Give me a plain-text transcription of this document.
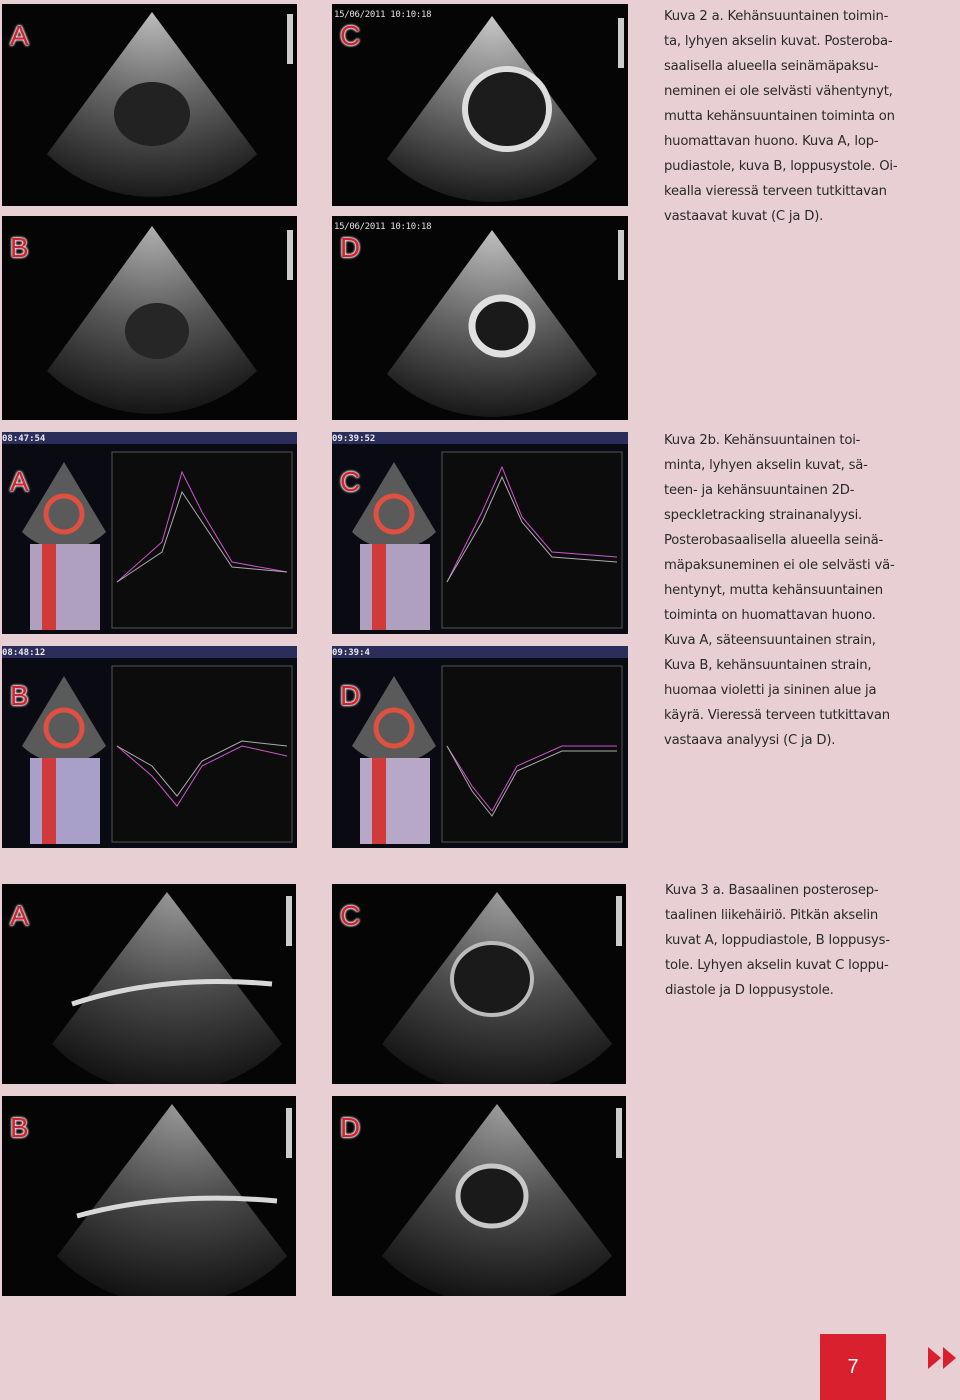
A
B
15/06/2011 10:10:18
C
15/06/2011 10:10:18
D

Kuva 2 a. Kehänsuuntainen toimin-

ta, lyhyen akselin kuvat. Posteroba-

saalisella alueella seinämäpaksu-

neminen ei ole selvästi vähentynyt,

mutta kehänsuuntainen toiminta on

huomattavan huono. Kuva A, lop-

pudiastole, kuva B, loppusystole. Oi-

kealla vieressä terveen tutkittavan

vastaavat kuvat (C ja D).

08:47:54
A
08:48:12
B
09:39:52
C
09:39:4
D

Kuva 2b. Kehänsuuntainen toi-

minta, lyhyen akselin kuvat, sä-

teen- ja kehänsuuntainen 2D-

speckletracking strainanalyysi.

Posterobasaalisella alueella seinä-

mäpaksuneminen ei ole selvästi vä-

hentynyt, mutta kehänsuuntainen

toiminta on huomattavan huono.

Kuva A, säteensuuntainen strain,

Kuva B, kehänsuuntainen strain,

huomaa violetti ja sininen alue ja

käyrä. Vieressä terveen tutkittavan

vastaava analyysi (C ja D).

A
B
C
D

Kuva 3 a. Basaalinen posterosep-

taalinen liikehäiriö. Pitkän akselin

kuvat A, loppudiastole, B loppusys-

tole. Lyhyen akselin kuvat C loppu-

diastole ja D loppusystole.

7
